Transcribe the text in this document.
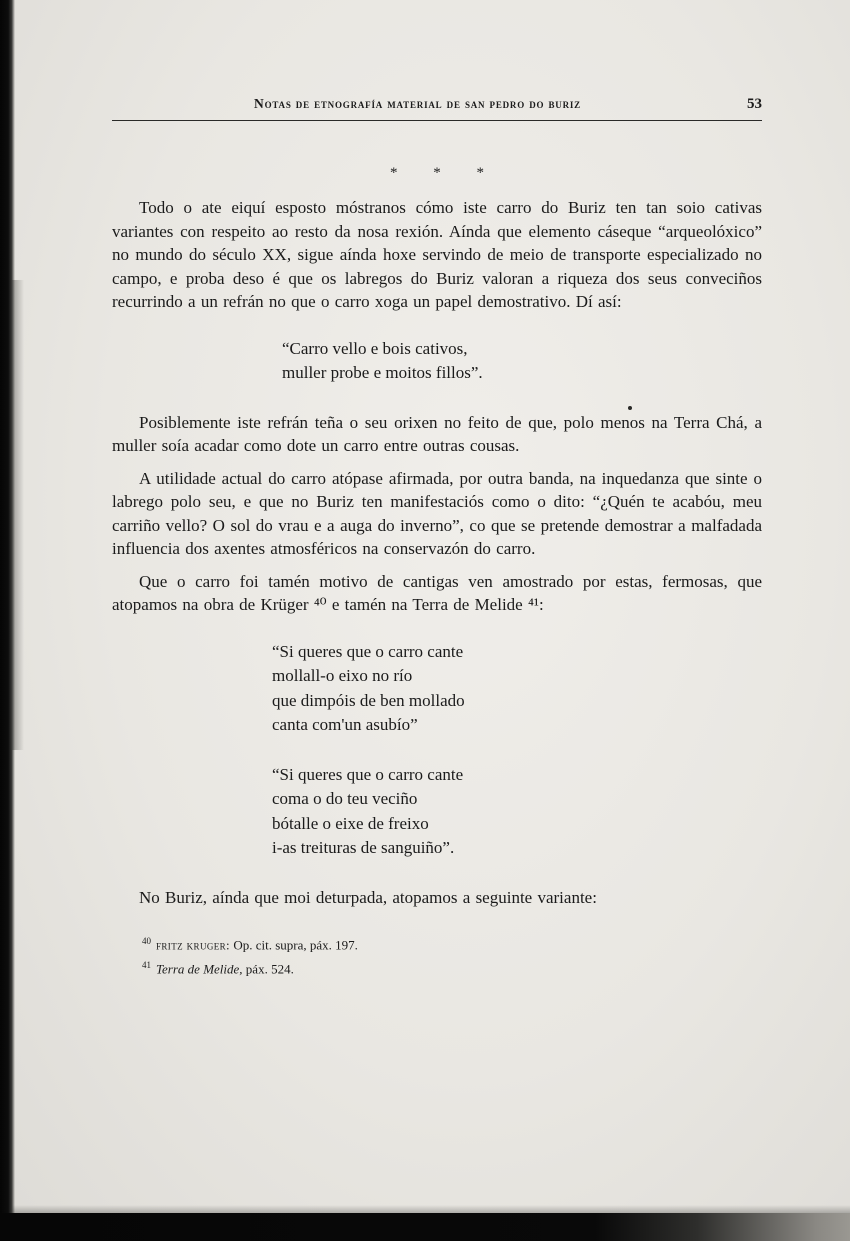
Notas de etnografía material de san pedro do buriz	53
* * *

Todo o ate eiquí esposto móstranos cómo iste carro do Buriz ten tan soio cativas variantes con respeito ao resto da nosa rexión. Aínda que elemento cáseque “arqueolóxico” no mundo do século XX, sigue aínda hoxe servindo de meio de transporte especializado no campo, e proba deso é que os labregos do Buriz valoran a riqueza dos seus conveciños recurrindo a un refrán no que o carro xoga un papel demostrativo. Dí así:

“Carro vello e bois cativos,
muller probe e moitos fillos”.

Posiblemente iste refrán teña o seu orixen no feito de que, polo menos na Terra Chá, a muller soía acadar como dote un carro entre outras cousas.

A utilidade actual do carro atópase afirmada, por outra banda, na inquedanza que sinte o labrego polo seu, e que no Buriz ten manifestaciós como o dito: “¿Quén te acabóu, meu carriño vello? O sol do vrau e a auga do inverno”, co que se pretende demostrar a malfadada influencia dos axentes atmosféricos na conservazón do carro.

Que o carro foi tamén motivo de cantigas ven amostrado por estas, fermosas, que atopamos na obra de Krüger ⁴⁰ e tamén na Terra de Melide ⁴¹:

“Si queres que o carro cante
mollall-o eixo no río
que dimpóis de ben mollado
canta com'un asubío”
“Si queres que o carro cante
coma o do teu veciño
bótalle o eixe de freixo
i-as treituras de sanguiño”.

No Buriz, aínda que moi deturpada, atopamos a seguinte variante:

$^{40}$ fritz kruger: Op. cit. supra, páx. 197.
$^{41}$ Terra de Melide, páx. 524.
